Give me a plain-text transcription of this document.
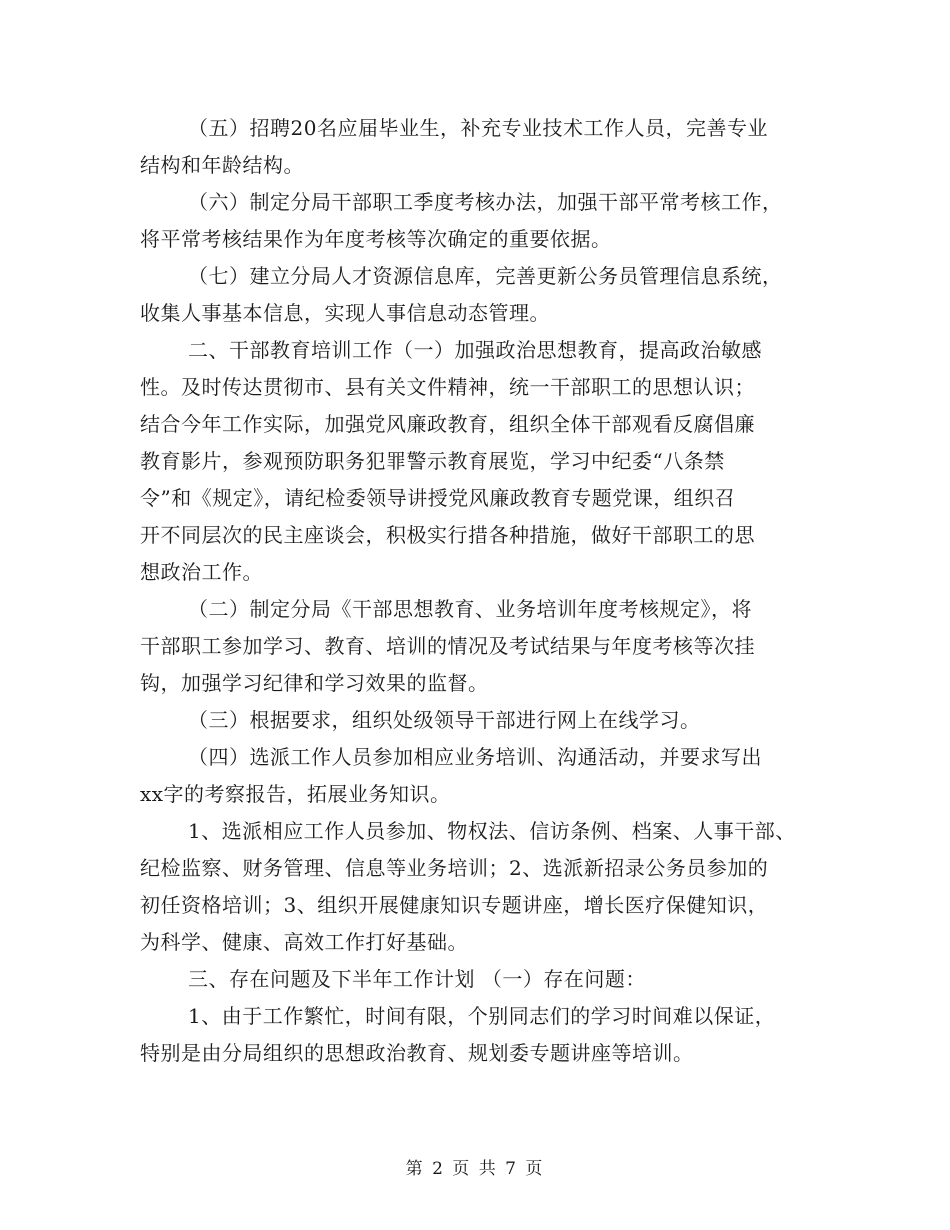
（五）招聘20名应届毕业生，补充专业技术工作人员，完善专业
结构和年龄结构。
（六）制定分局干部职工季度考核办法，加强干部平常考核工作，
将平常考核结果作为年度考核等次确定的重要依据。
（七）建立分局人才资源信息库，完善更新公务员管理信息系统，
收集人事基本信息，实现人事信息动态管理。
二、干部教育培训工作（一）加强政治思想教育，提高政治敏感
性。及时传达贯彻市、县有关文件精神，统一干部职工的思想认识；
结合今年工作实际，加强党风廉政教育，组织全体干部观看反腐倡廉
教育影片，参观预防职务犯罪警示教育展览，学习中纪委“八条禁
令”和《规定》，请纪检委领导讲授党风廉政教育专题党课，组织召
开不同层次的民主座谈会，积极实行措各种措施，做好干部职工的思
想政治工作。
（二）制定分局《干部思想教育、业务培训年度考核规定》，将
干部职工参加学习、教育、培训的情况及考试结果与年度考核等次挂
钩，加强学习纪律和学习效果的监督。
（三）根据要求，组织处级领导干部进行网上在线学习。
（四）选派工作人员参加相应业务培训、沟通活动，并要求写出
xx字的考察报告，拓展业务知识。
1、选派相应工作人员参加、物权法、信访条例、档案、人事干部、
纪检监察、财务管理、信息等业务培训；2、选派新招录公务员参加的
初任资格培训；3、组织开展健康知识专题讲座，增长医疗保健知识，
为科学、健康、高效工作打好基础。
三、存在问题及下半年工作计划 （一）存在问题：
1、由于工作繁忙，时间有限，个别同志们的学习时间难以保证，
特别是由分局组织的思想政治教育、规划委专题讲座等培训。
第 2 页 共 7 页
